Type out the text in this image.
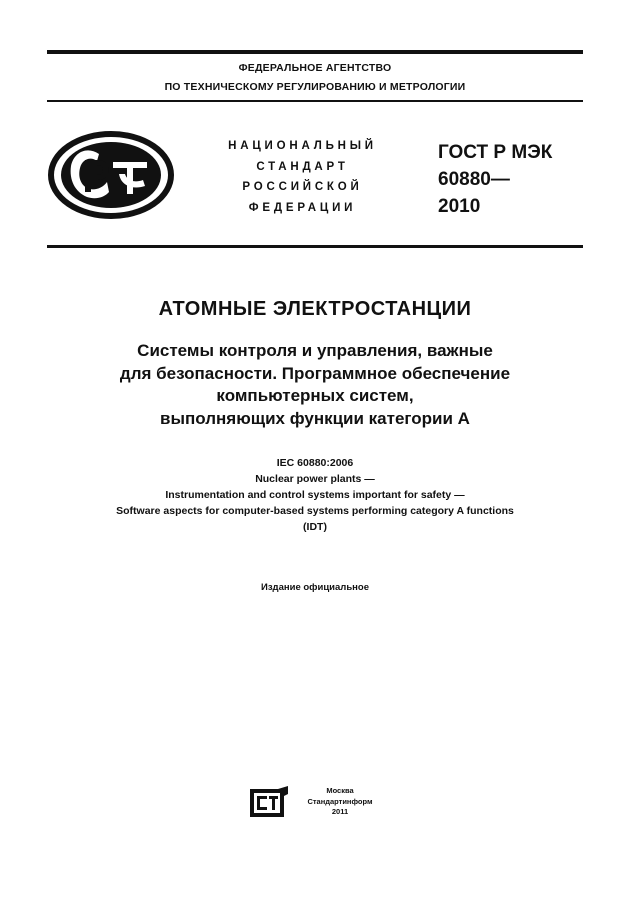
ФЕДЕРАЛЬНОЕ АГЕНТСТВО
ПО ТЕХНИЧЕСКОМУ РЕГУЛИРОВАНИЮ И МЕТРОЛОГИИ
НАЦИОНАЛЬНЫЙ
СТАНДАРТ
РОССИЙСКОЙ
ФЕДЕРАЦИИ
ГОСТ Р МЭК
60880—
2010
АТОМНЫЕ ЭЛЕКТРОСТАНЦИИ
Системы контроля и управления, важные
для безопасности. Программное обеспечение
компьютерных систем,
выполняющих функции категории А
IEC 60880:2006
Nuclear power plants —
Instrumentation and control systems important for safety —
Software aspects for computer-based systems performing category A functions
(IDT)
Издание официальное
Москва
Стандартинформ
2011
